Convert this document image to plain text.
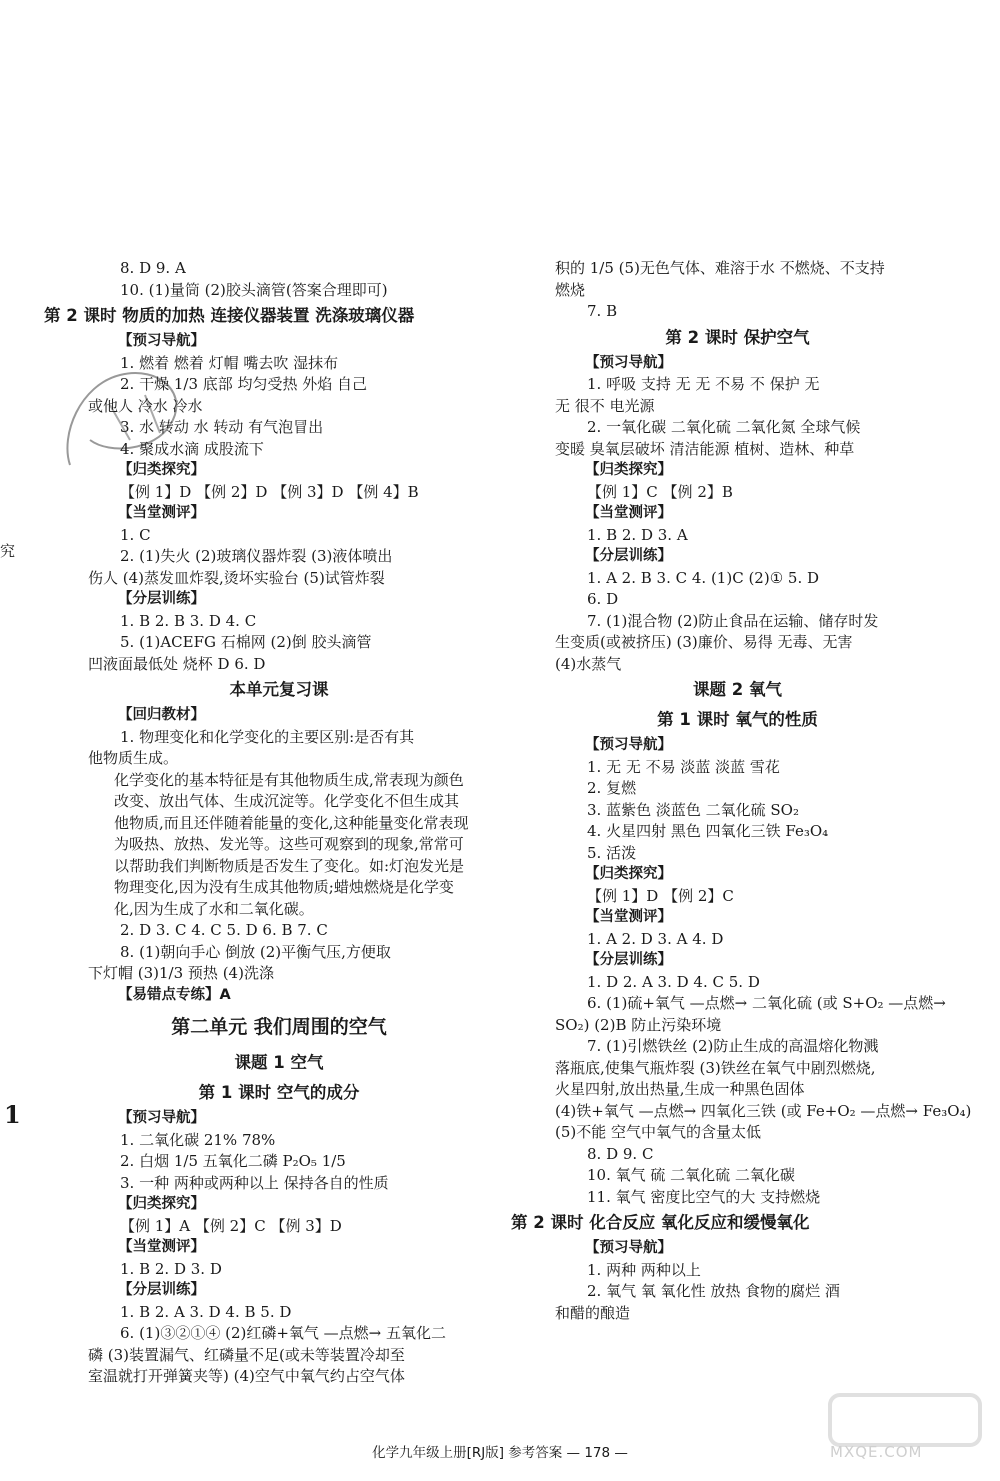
8. D 9. A
10. (1)量筒 (2)胶头滴管(答案合理即可)
第 2 课时 物质的加热 连接仪器装置 洗涤玻璃仪器
【预习导航】
1. 燃着 燃着 灯帽 嘴去吹 湿抹布
2. 干燥 1/3 底部 均匀受热 外焰 自己
或他人 冷水 冷水
3. 水 转动 水 转动 有气泡冒出
4. 聚成水滴 成股流下
【归类探究】
【例 1】D 【例 2】D 【例 3】D 【例 4】B
【当堂测评】
1. C
2. (1)失火 (2)玻璃仪器炸裂 (3)液体喷出
伤人 (4)蒸发皿炸裂,烫坏实验台 (5)试管炸裂
【分层训练】
1. B 2. B 3. D 4. C
5. (1)ACEFG 石棉网 (2)倒 胶头滴管
凹液面最低处 烧杯 D 6. D
本单元复习课
【回归教材】
1. 物理变化和化学变化的主要区别:是否有其
他物质生成。
化学变化的基本特征是有其他物质生成,常表现为颜色改变、放出气体、生成沉淀等。化学变化不但生成其他物质,而且还伴随着能量的变化,这种能量变化常表现为吸热、放热、发光等。这些可观察到的现象,常常可以帮助我们判断物质是否发生了变化。如:灯泡发光是物理变化,因为没有生成其他物质;蜡烛燃烧是化学变化,因为生成了水和二氧化碳。
2. D 3. C 4. C 5. D 6. B 7. C
8. (1)朝向手心 倒放 (2)平衡气压,方便取
下灯帽 (3)1/3 预热 (4)洗涤
【易错点专练】A
第二单元 我们周围的空气
课题 1 空气
第 1 课时 空气的成分
【预习导航】
1. 二氧化碳 21% 78%
2. 白烟 1/5 五氧化二磷 P₂O₅ 1/5
3. 一种 两种或两种以上 保持各自的性质
【归类探究】
【例 1】A 【例 2】C 【例 3】D
【当堂测评】
1. B 2. D 3. D
【分层训练】
1. B 2. A 3. D 4. B 5. D
6. (1)③②①④ (2)红磷+氧气 —点燃→ 五氧化二
磷 (3)装置漏气、红磷量不足(或未等装置冷却至
室温就打开弹簧夹等) (4)空气中氧气约占空气体
积的 1/5 (5)无色气体、难溶于水 不燃烧、不支持
燃烧
7. B
第 2 课时 保护空气
【预习导航】
1. 呼吸 支持 无 无 不易 不 保护 无
无 很不 电光源
2. 一氧化碳 二氧化硫 二氧化氮 全球气候
变暖 臭氧层破坏 清洁能源 植树、造林、种草
【归类探究】
【例 1】C 【例 2】B
【当堂测评】
1. B 2. D 3. A
【分层训练】
1. A 2. B 3. C 4. (1)C (2)① 5. D
6. D
7. (1)混合物 (2)防止食品在运输、储存时发
生变质(或被挤压) (3)廉价、易得 无毒、无害
(4)水蒸气
课题 2 氧气
第 1 课时 氧气的性质
【预习导航】
1. 无 无 不易 淡蓝 淡蓝 雪花
2. 复燃
3. 蓝紫色 淡蓝色 二氧化硫 SO₂
4. 火星四射 黑色 四氧化三铁 Fe₃O₄
5. 活泼
【归类探究】
【例 1】D 【例 2】C
【当堂测评】
1. A 2. D 3. A 4. D
【分层训练】
1. D 2. A 3. D 4. C 5. D
6. (1)硫+氧气 —点燃→ 二氧化硫 (或 S+O₂ —点燃→
SO₂) (2)B 防止污染环境
7. (1)引燃铁丝 (2)防止生成的高温熔化物溅
落瓶底,使集气瓶炸裂 (3)铁丝在氧气中剧烈燃烧,
火星四射,放出热量,生成一种黑色固体
(4)铁+氧气 —点燃→ 四氧化三铁 (或 Fe+O₂ —点燃→ Fe₃O₄)
(5)不能 空气中氧气的含量太低
8. D 9. C
10. 氧气 硫 二氧化硫 二氧化碳
11. 氧气 密度比空气的大 支持燃烧
第 2 课时 化合反应 氧化反应和缓慢氧化
【预习导航】
1. 两种 两种以上
2. 氧气 氧 氧化性 放热 食物的腐烂 酒
和醋的酿造
究
1
化学九年级上册[RJ版] 参考答案 — 178 —	MXQE.COM
